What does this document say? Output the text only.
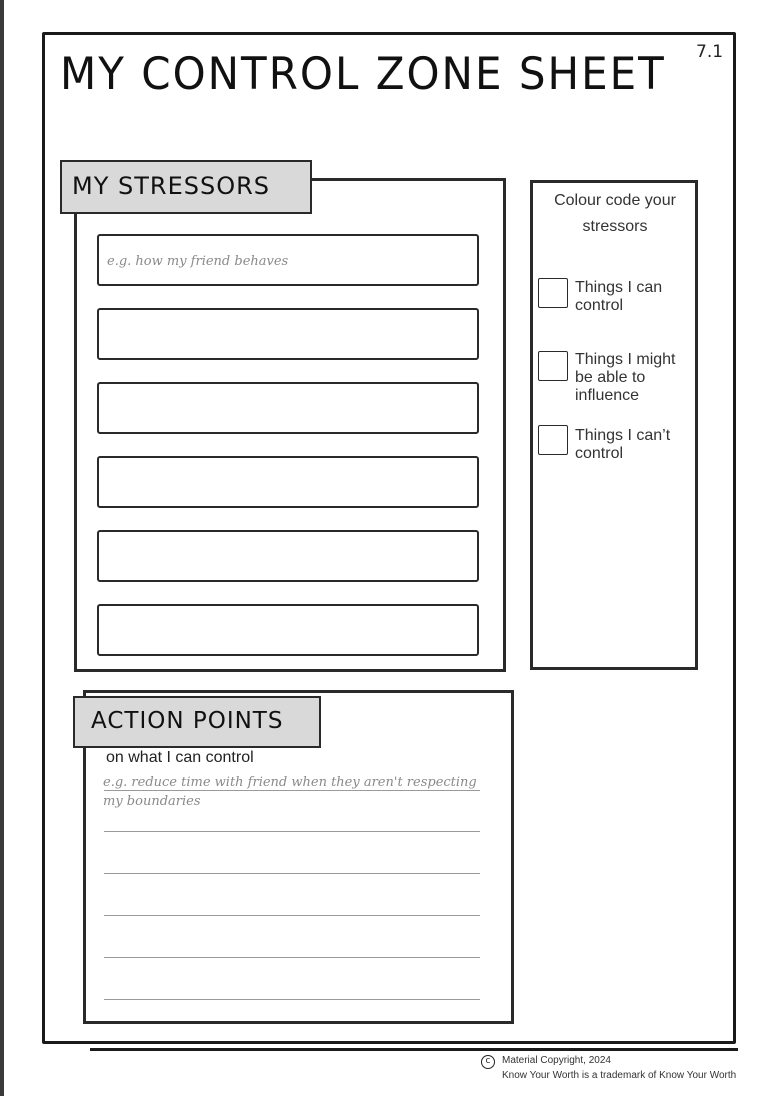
7.1
MY CONTROL ZONE SHEET
MY STRESSORS
e.g. how my friend behaves
Colour code your stressors
Things I can control
Things I might be able to influence
Things I can’t control
ACTION POINTS
on what I can control
e.g. reduce time with friend when they aren't respecting my boundaries
c	Material Copyright, 2024
Know Your Worth is a trademark of Know Your Worth
